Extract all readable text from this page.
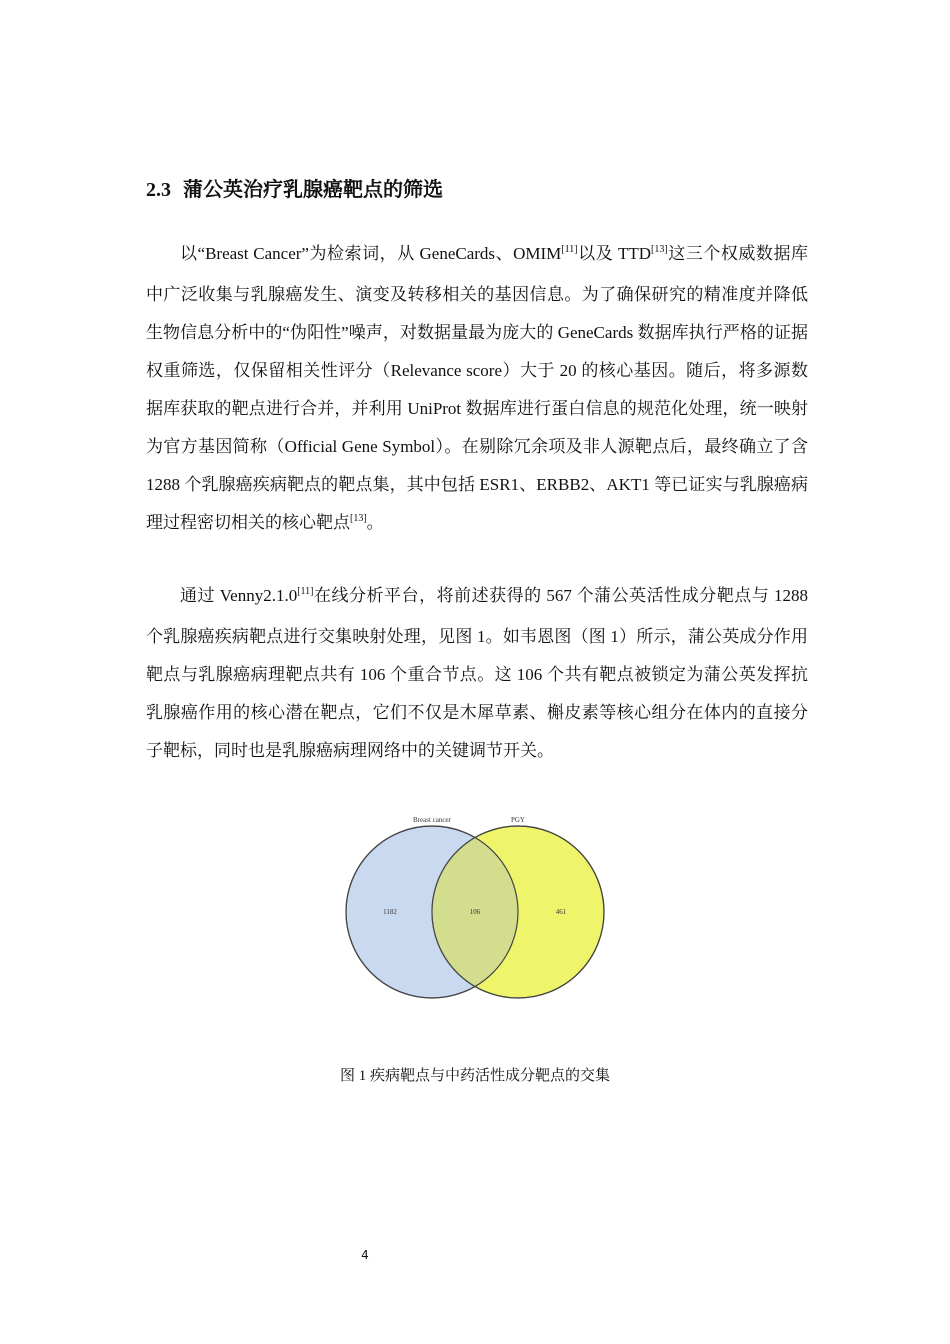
2.3 蒲公英治疗乳腺癌靶点的筛选

以“Breast Cancer”为检索词，从 GeneCards、OMIM[11]以及 TTD[13]这三个权威数据库中广泛收集与乳腺癌发生、演变及转移相关的基因信息。为了确保研究的精准度并降低生物信息分析中的“伪阳性”噪声，对数据量最为庞大的 GeneCards 数据库执行严格的证据权重筛选，仅保留相关性评分（Relevance score）大于 20 的核心基因。随后，将多源数据库获取的靶点进行合并，并利用 UniProt 数据库进行蛋白信息的规范化处理，统一映射为官方基因简称（Official Gene Symbol）。在剔除冗余项及非人源靶点后，最终确立了含 1288 个乳腺癌疾病靶点的靶点集，其中包括 ESR1、ERBB2、AKT1 等已证实与乳腺癌病理过程密切相关的核心靶点[13]。

通过 Venny2.1.0[11]在线分析平台，将前述获得的 567 个蒲公英活性成分靶点与 1288 个乳腺癌疾病靶点进行交集映射处理，见图 1。如韦恩图（图 1）所示，蒲公英成分作用靶点与乳腺癌病理靶点共有 106 个重合节点。这 106 个共有靶点被锁定为蒲公英发挥抗乳腺癌作用的核心潜在靶点，它们不仅是木犀草素、槲皮素等核心组分在体内的直接分子靶标，同时也是乳腺癌病理网络中的关键调节开关。

Breast cancer	PGY
1182	106	461
图 1 疾病靶点与中药活性成分靶点的交集
4
